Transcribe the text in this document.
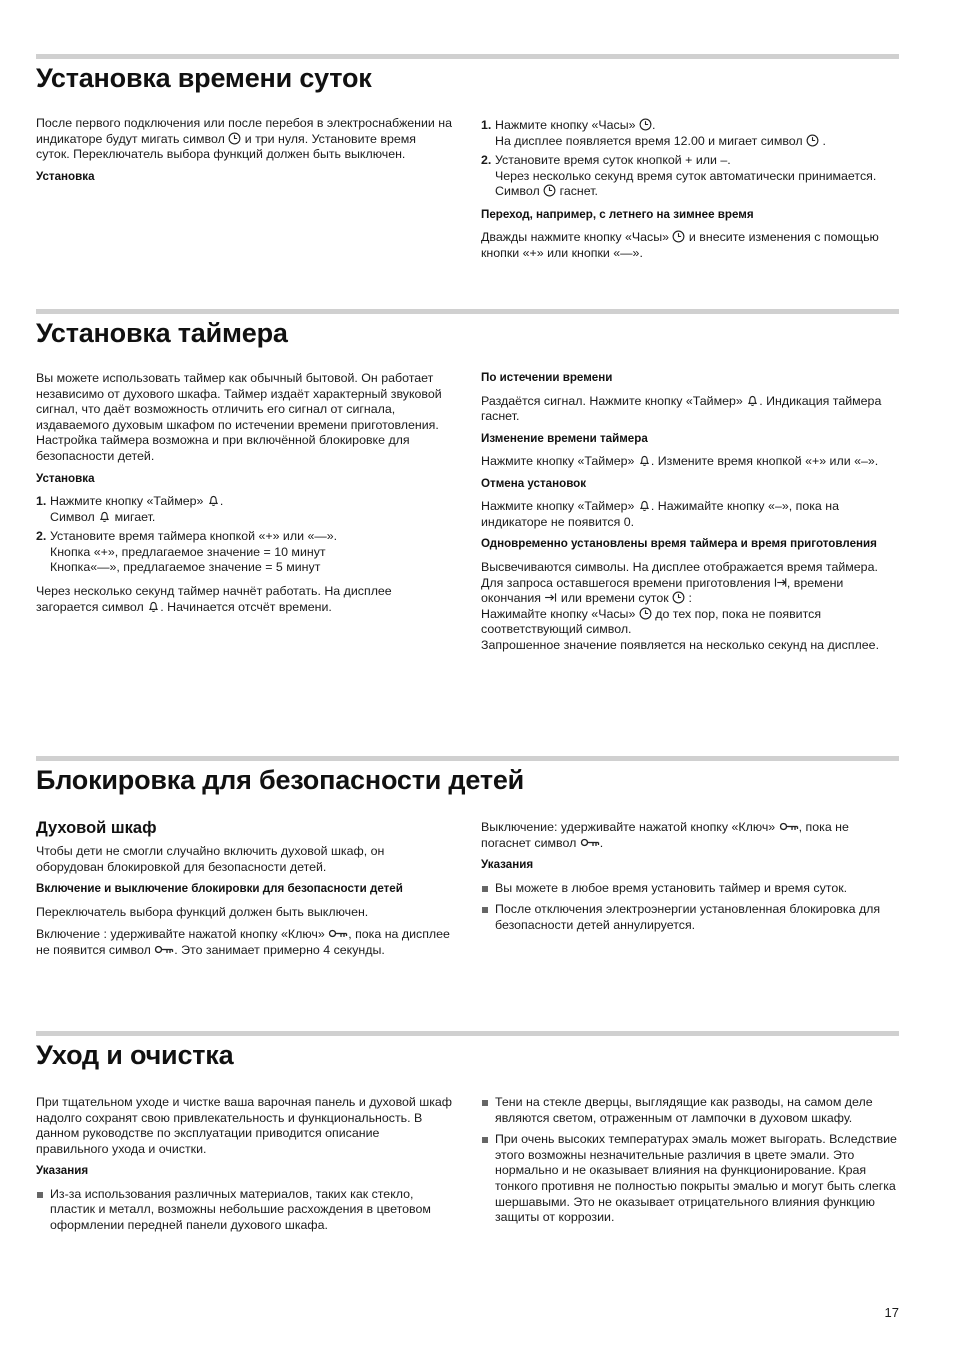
Установка времени суток

После первого подключения или после перебоя в электроснабжении на индикаторе будут мигать символ
и три нуля. Установите время суток. Переключатель выбора функций должен быть выключен.

Установка
1. Нажмите кнопку «Часы»
.
На дисплее появляется время 12.00 и мигает символ
.
2. Установите время суток кнопкой + или –.
Через несколько секунд время суток автоматически принимается. Символ
гаснет.
Переход, например, с летнего на зимнее время

Дважды нажмите кнопку «Часы»
и внесите изменения с помощью кнопки «+» или кнопки «—».

Установка таймера

Вы можете использовать таймер как обычный бытовой. Он работает независимо от духового шкафа. Таймер издаёт характерный звуковой сигнал, что даёт возможность отличить его сигнал от сигнала, издаваемого духовым шкафом по истечении времени приготовления. Настройка таймера возможна и при включённой блокировке для безопасности детей.

Установка
1. Нажмите кнопку «Таймер»
.
Символ
мигает.
2. Установите время таймера кнопкой «+» или «—».
Кнопка «+», предлагаемое значение = 10 минут
Кнопка«—», предлагаемое значение = 5 минут

Через несколько секунд таймер начнёт работать. На дисплее загорается символ
. Начинается отсчёт времени.

По истечении времени

Раздаётся сигнал. Нажмите кнопку «Таймер»
. Индикация таймера гаснет.

Изменение времени таймера

Нажмите кнопку «Таймер»
. Измените время кнопкой «+» или «–».

Отмена установок

Нажмите кнопку «Таймер»
. Нажимайте кнопку «–», пока на индикаторе не появится 0.

Одновременно установлены время таймера и время приготовления

Высвечиваются символы. На дисплее отображается время таймера.
Для запроса оставшегося времени приготовления
, времени окончания
или времени суток
:
Нажимайте кнопку «Часы»
до тех пор, пока не появится соответствующий символ.
Запрошенное значение появляется на несколько секунд на дисплее.

Блокировка для безопасности детей
Духовой шкаф

Чтобы дети не смогли случайно включить духовой шкаф, он оборудован блокировкой для безопасности детей.

Включение и выключение блокировки для безопасности детей

Переключатель выбора функций должен быть выключен.

Включение : удерживайте нажатой кнопку «Ключ»
, пока на дисплее не появится символ
. Это занимает примерно 4 секунды.

Выключение: удерживайте нажатой кнопку «Ключ»
, пока не погаснет символ
.

Указания
Вы можете в любое время установить таймер и время суток.
После отключения электроэнергии установленная блокировка для безопасности детей аннулируется.
Уход и очистка

При тщательном уходе и чистке ваша варочная панель и духовой шкаф надолго сохранят свою привлекательность и функциональность. В данном руководстве по эксплуатации приводится описание правильного ухода и очистки.

Указания
Из-за использования различных материалов, таких как стекло, пластик и металл, возможны небольшие расхождения в цветовом оформлении передней панели духового шкафа.
Тени на стекле дверцы, выглядящие как разводы, на самом деле являются светом, отраженным от лампочки в духовом шкафу.
При очень высоких температурах эмаль может выгорать. Вследствие этого возможны незначительные различия в цвете эмали. Это нормально и не оказывает влияния на функционирование. Края тонкого противня не полностью покрыты эмалью и могут быть слегка шершавыми. Это не оказывает отрицательного влияния функцию защиты от коррозии.
17
